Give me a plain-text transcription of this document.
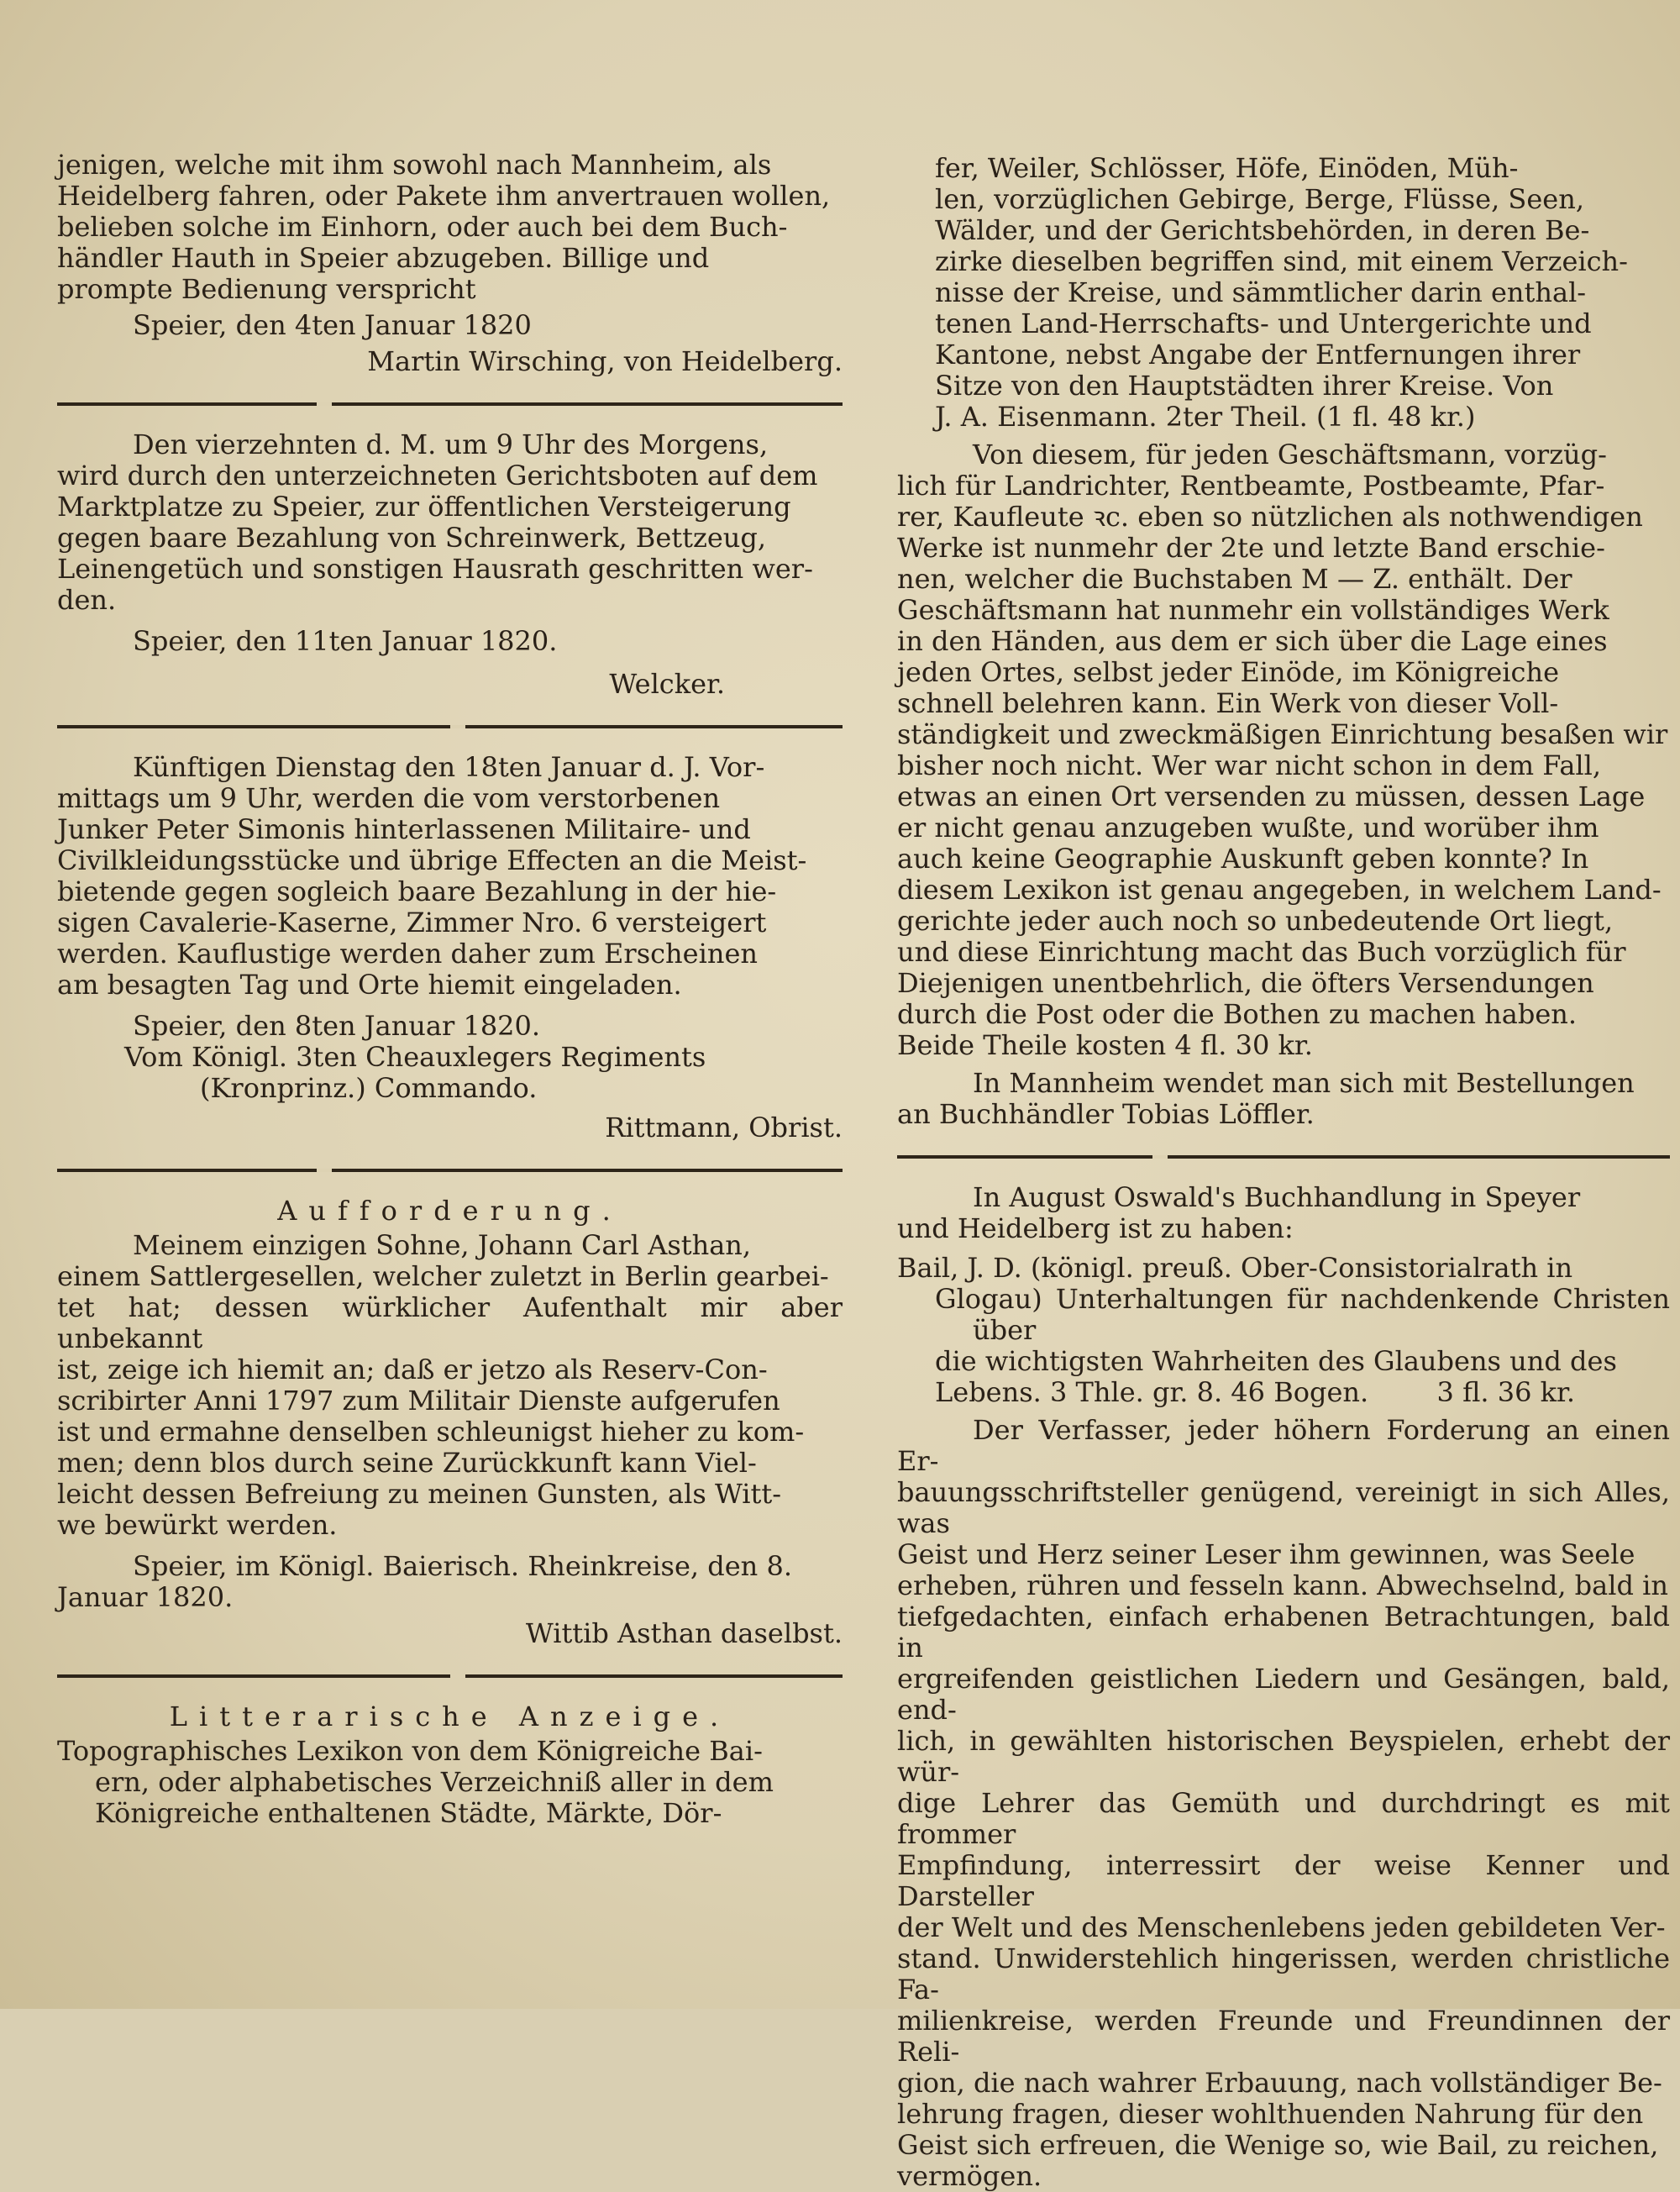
jenigen, welche mit ihm sowohl nach Mannheim, als

Heidelberg fahren, oder Pakete ihm anvertrauen wollen,

belieben solche im Einhorn, oder auch bei dem Buch-

händler Hauth in Speier abzugeben. Billige und

prompte Bedienung verspricht

Speier, den 4ten Januar 1820

Martin Wirsching, von Heidelberg.

Den vierzehnten d. M. um 9 Uhr des Morgens,

wird durch den unterzeichneten Gerichtsboten auf dem

Marktplatze zu Speier, zur öffentlichen Versteigerung

gegen baare Bezahlung von Schreinwerk, Bettzeug,

Leinengetüch und sonstigen Hausrath geschritten wer-

den.

Speier, den 11ten Januar 1820.

Welcker.

Künftigen Dienstag den 18ten Januar d. J. Vor-

mittags um 9 Uhr, werden die vom verstorbenen

Junker Peter Simonis hinterlassenen Militaire- und

Civilkleidungsstücke und übrige Effecten an die Meist-

bietende gegen sogleich baare Bezahlung in der hie-

sigen Cavalerie-Kaserne, Zimmer Nro. 6 versteigert

werden. Kauflustige werden daher zum Erscheinen

am besagten Tag und Orte hiemit eingeladen.

Speier, den 8ten Januar 1820.

Vom Königl. 3ten Cheauxlegers Regiments

(Kronprinz.) Commando.

Rittmann, Obrist.

Aufforderung.

Meinem einzigen Sohne, Johann Carl Asthan,

einem Sattlergesellen, welcher zuletzt in Berlin gearbei-

tet hat; dessen würklicher Aufenthalt mir aber unbekannt

ist, zeige ich hiemit an; daß er jetzo als Reserv-Con-

scribirter Anni 1797 zum Militair Dienste aufgerufen

ist und ermahne denselben schleunigst hieher zu kom-

men; denn blos durch seine Zurückkunft kann Viel-

leicht dessen Befreiung zu meinen Gunsten, als Witt-

we bewürkt werden.

Speier, im Königl. Baierisch. Rheinkreise, den 8.

Januar 1820.

Wittib Asthan daselbst.

Litterarische Anzeige.

Topographisches Lexikon von dem Königreiche Bai-

ern, oder alphabetisches Verzeichniß aller in dem

Königreiche enthaltenen Städte, Märkte, Dör-

fer, Weiler, Schlösser, Höfe, Einöden, Müh-

len, vorzüglichen Gebirge, Berge, Flüsse, Seen,

Wälder, und der Gerichtsbehörden, in deren Be-

zirke dieselben begriffen sind, mit einem Verzeich-

nisse der Kreise, und sämmtlicher darin enthal-

tenen Land-Herrschafts- und Untergerichte und

Kantone, nebst Angabe der Entfernungen ihrer

Sitze von den Hauptstädten ihrer Kreise. Von

J. A. Eisenmann. 2ter Theil. (1 fl. 48 kr.)

Von diesem, für jeden Geschäftsmann, vorzüg-

lich für Landrichter, Rentbeamte, Postbeamte, Pfar-

rer, Kaufleute ꝛc. eben so nützlichen als nothwendigen

Werke ist nunmehr der 2te und letzte Band erschie-

nen, welcher die Buchstaben M — Z. enthält. Der

Geschäftsmann hat nunmehr ein vollständiges Werk

in den Händen, aus dem er sich über die Lage eines

jeden Ortes, selbst jeder Einöde, im Königreiche

schnell belehren kann. Ein Werk von dieser Voll-

ständigkeit und zweckmäßigen Einrichtung besaßen wir

bisher noch nicht. Wer war nicht schon in dem Fall,

etwas an einen Ort versenden zu müssen, dessen Lage

er nicht genau anzugeben wußte, und worüber ihm

auch keine Geographie Auskunft geben konnte? In

diesem Lexikon ist genau angegeben, in welchem Land-

gerichte jeder auch noch so unbedeutende Ort liegt,

und diese Einrichtung macht das Buch vorzüglich für

Diejenigen unentbehrlich, die öfters Versendungen

durch die Post oder die Bothen zu machen haben.

Beide Theile kosten 4 fl. 30 kr.

In Mannheim wendet man sich mit Bestellungen

an Buchhändler Tobias Löffler.

In August Oswald's Buchhandlung in Speyer

und Heidelberg ist zu haben:

Bail, J. D. (königl. preuß. Ober-Consistorialrath in

Glogau) Unterhaltungen für nachdenkende Christen über

die wichtigsten Wahrheiten des Glaubens und des

Lebens. 3 Thle. gr. 8. 46 Bogen.        3 fl. 36 kr.

Der Verfasser, jeder höhern Forderung an einen Er-

bauungsschriftsteller genügend, vereinigt in sich Alles, was

Geist und Herz seiner Leser ihm gewinnen, was Seele

erheben, rühren und fesseln kann. Abwechselnd, bald in

tiefgedachten, einfach erhabenen Betrachtungen, bald in

ergreifenden geistlichen Liedern und Gesängen, bald, end-

lich, in gewählten historischen Beyspielen, erhebt der wür-

dige Lehrer das Gemüth und durchdringt es mit frommer

Empfindung, interressirt der weise Kenner und Darsteller

der Welt und des Menschenlebens jeden gebildeten Ver-

stand. Unwiderstehlich hingerissen, werden christliche Fa-

milienkreise, werden Freunde und Freundinnen der Reli-

gion, die nach wahrer Erbauung, nach vollständiger Be-

lehrung fragen, dieser wohlthuenden Nahrung für den

Geist sich erfreuen, die Wenige so, wie Bail, zu reichen,

vermögen.
